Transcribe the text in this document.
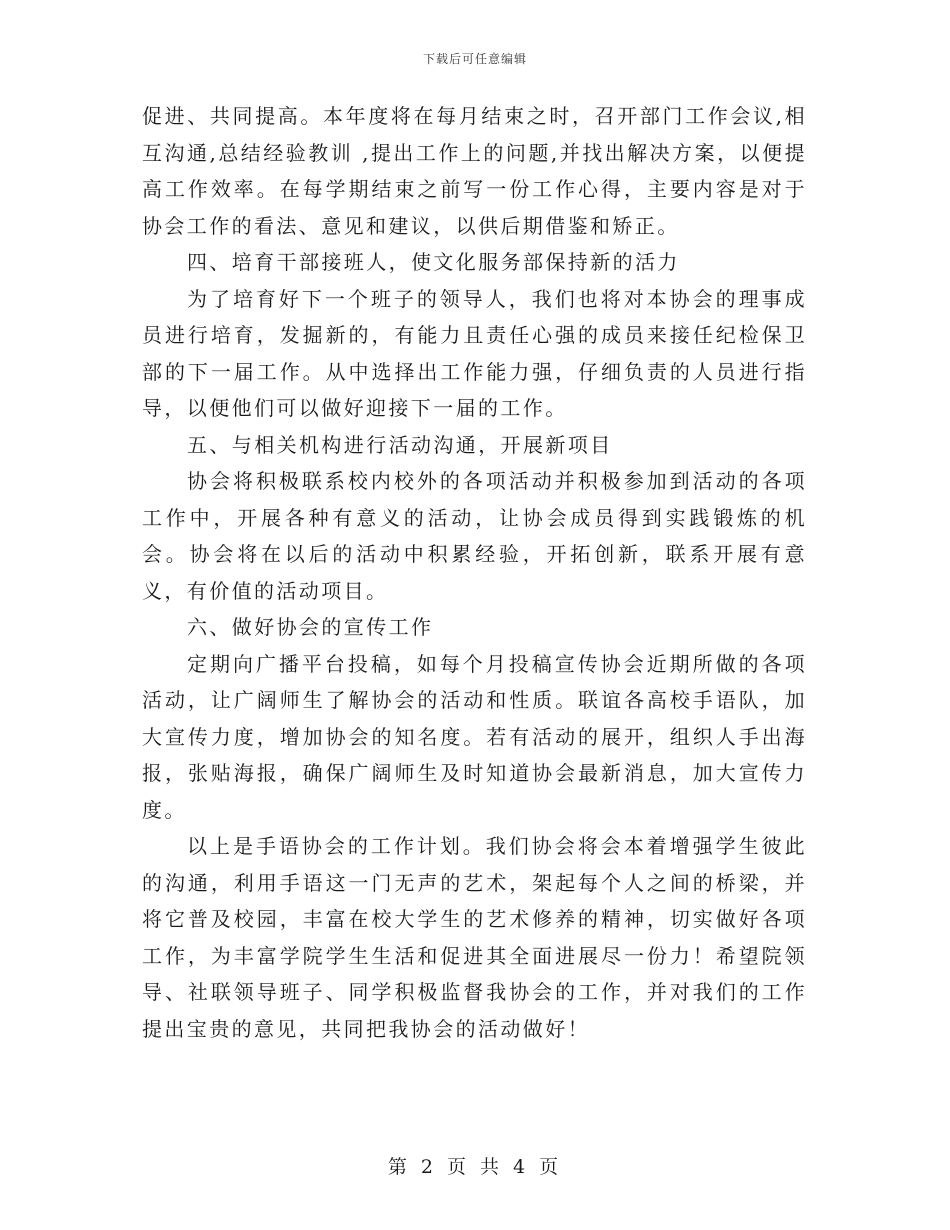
下载后可任意编辑

促进、共同提高。本年度将在每月结束之时，召开部门工作会议,相互沟通,总结经验教训 ,提出工作上的问题,并找出解决方案，以便提高工作效率。在每学期结束之前写一份工作心得，主要内容是对于协会工作的看法、意见和建议，以供后期借鉴和矫正。

四、培育干部接班人，使文化服务部保持新的活力

为了培育好下一个班子的领导人，我们也将对本协会的理事成员进行培育，发掘新的，有能力且责任心强的成员来接任纪检保卫部的下一届工作。从中选择出工作能力强，仔细负责的人员进行指导，以便他们可以做好迎接下一届的工作。

五、与相关机构进行活动沟通，开展新项目

协会将积极联系校内校外的各项活动并积极参加到活动的各项工作中，开展各种有意义的活动，让协会成员得到实践锻炼的机会。协会将在以后的活动中积累经验，开拓创新，联系开展有意义，有价值的活动项目。

六、做好协会的宣传工作

定期向广播平台投稿，如每个月投稿宣传协会近期所做的各项活动，让广阔师生了解协会的活动和性质。联谊各高校手语队，加大宣传力度，增加协会的知名度。若有活动的展开，组织人手出海报，张贴海报，确保广阔师生及时知道协会最新消息，加大宣传力度。

以上是手语协会的工作计划。我们协会将会本着增强学生彼此的沟通，利用手语这一门无声的艺术，架起每个人之间的桥梁，并将它普及校园，丰富在校大学生的艺术修养的精神，切实做好各项工作，为丰富学院学生生活和促进其全面进展尽一份力！希望院领导、社联领导班子、同学积极监督我协会的工作，并对我们的工作提出宝贵的意见，共同把我协会的活动做好！

第 2 页 共 4 页
